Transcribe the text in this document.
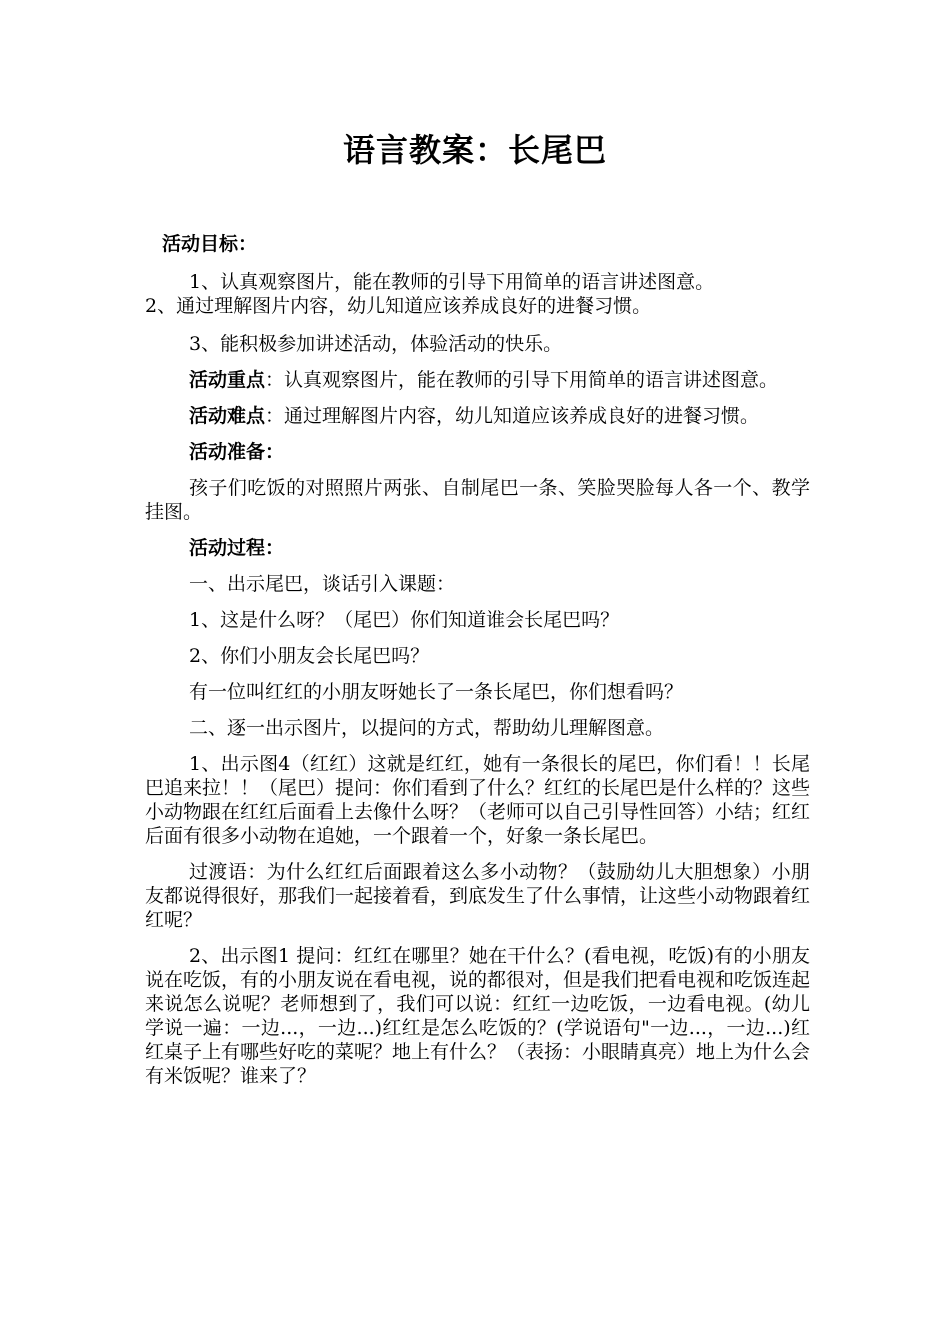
语言教案：长尾巴

活动目标：

1、认真观察图片，能在教师的引导下用简单的语言讲述图意。

2、通过理解图片内容，幼儿知道应该养成良好的进餐习惯。

3、能积极参加讲述活动，体验活动的快乐。

活动重点：认真观察图片，能在教师的引导下用简单的语言讲述图意。

活动难点：通过理解图片内容，幼儿知道应该养成良好的进餐习惯。

活动准备：

孩子们吃饭的对照照片两张、自制尾巴一条、笑脸哭脸每人各一个、教学挂图。

活动过程：

一、出示尾巴，谈话引入课题：

1、这是什么呀？（尾巴）你们知道谁会长尾巴吗？

2、你们小朋友会长尾巴吗？

有一位叫红红的小朋友呀她长了一条长尾巴，你们想看吗？

二、逐一出示图片，以提问的方式，帮助幼儿理解图意。

1、出示图4（红红）这就是红红，她有一条很长的尾巴，你们看！！长尾巴追来拉！！（尾巴）提问：你们看到了什么？红红的长尾巴是什么样的？这些小动物跟在红红后面看上去像什么呀？（老师可以自己引导性回答）小结；红红后面有很多小动物在追她，一个跟着一个，好象一条长尾巴。

过渡语：为什么红红后面跟着这么多小动物？（鼓励幼儿大胆想象）小朋友都说得很好，那我们一起接着看，到底发生了什么事情，让这些小动物跟着红红呢？

2、出示图1 提问：红红在哪里？她在干什么？(看电视，吃饭)有的小朋友说在吃饭，有的小朋友说在看电视，说的都很对，但是我们把看电视和吃饭连起来说怎么说呢？老师想到了，我们可以说：红红一边吃饭，一边看电视。(幼儿学说一遍：一边...，一边...)红红是怎么吃饭的？(学说语句"一边...，一边...)红红桌子上有哪些好吃的菜呢？地上有什么？（表扬：小眼睛真亮）地上为什么会有米饭呢？谁来了？
